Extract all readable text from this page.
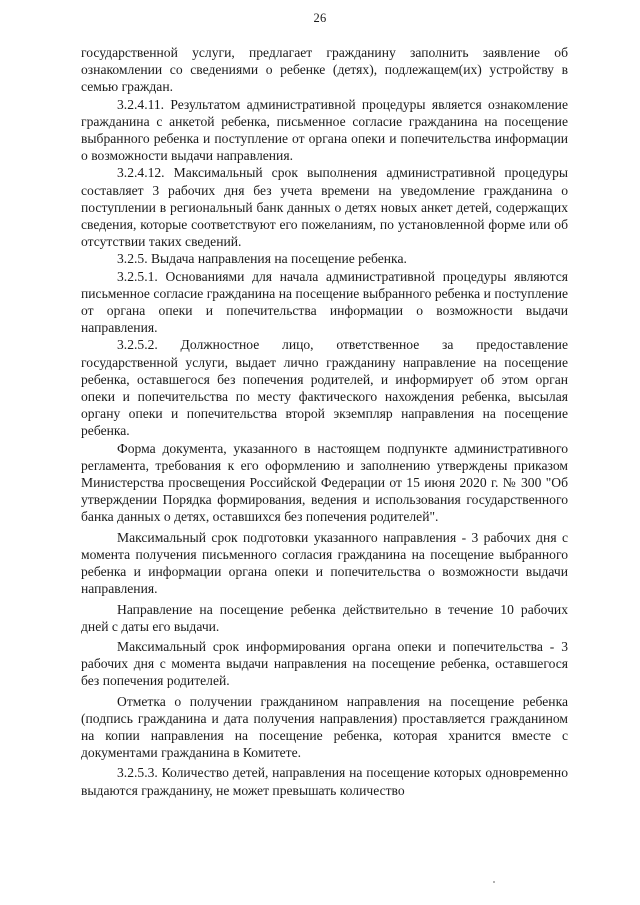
26

государственной услуги, предлагает гражданину заполнить заявление об ознакомлении со сведениями о ребенке (детях), подлежащем(их) устройству в семью граждан.

3.2.4.11. Результатом административной процедуры является ознакомление гражданина с анкетой ребенка, письменное согласие гражданина на посещение выбранного ребенка и поступление от органа опеки и попечительства информации о возможности выдачи направления.

3.2.4.12. Максимальный срок выполнения административной процедуры составляет 3 рабочих дня без учета времени на уведомление гражданина о поступлении в региональный банк данных о детях новых анкет детей, содержащих сведения, которые соответствуют его пожеланиям, по установленной форме или об отсутствии таких сведений.

3.2.5. Выдача направления на посещение ребенка.

3.2.5.1. Основаниями для начала административной процедуры являются письменное согласие гражданина на посещение выбранного ребенка и поступление от органа опеки и попечительства информации о возможности выдачи направления.

3.2.5.2. Должностное лицо, ответственное за предоставление государственной услуги, выдает лично гражданину направление на посещение ребенка, оставшегося без попечения родителей, и информирует об этом орган опеки и попечительства по месту фактического нахождения ребенка, высылая органу опеки и попечительства второй экземпляр направления на посещение ребенка.

Форма документа, указанного в настоящем подпункте административного регламента, требования к его оформлению и заполнению утверждены приказом Министерства просвещения Российской Федерации от 15 июня 2020 г. № 300 "Об утверждении Порядка формирования, ведения и использования государственного банка данных о детях, оставшихся без попечения родителей".

Максимальный срок подготовки указанного направления - 3 рабочих дня с момента получения письменного согласия гражданина на посещение выбранного ребенка и информации органа опеки и попечительства о возможности выдачи направления.

Направление на посещение ребенка действительно в течение 10 рабочих дней с даты его выдачи.

Максимальный срок информирования органа опеки и попечительства - 3 рабочих дня с момента выдачи направления на посещение ребенка, оставшегося без попечения родителей.

Отметка о получении гражданином направления на посещение ребенка (подпись гражданина и дата получения направления) проставляется гражданином на копии направления на посещение ребенка, которая хранится вместе с документами гражданина в Комитете.

3.2.5.3. Количество детей, направления на посещение которых одновременно выдаются гражданину, не может превышать количество
